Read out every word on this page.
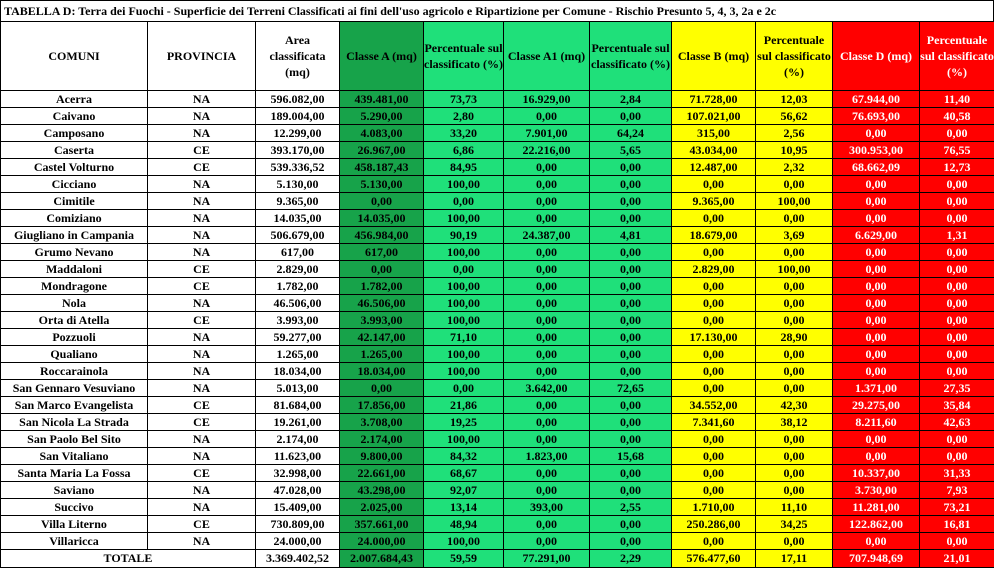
TABELLA D: Terra dei Fuochi - Superficie dei Terreni Classificati ai fini dell'uso agricolo e Ripartizione per Comune - Rischio Presunto 5, 4, 3, 2a e 2c
COMUNI	PROVINCIA	Area classificata (mq)	Classe A (mq)	Percentuale sul classificato (%)	Classe A1 (mq)	Percentuale sul classificato (%)	Classe B (mq)	Percentuale sul classificato (%)	Classe D (mq)	Percentuale sul classificato (%)
Acerra	NA	596.082,00	439.481,00	73,73	16.929,00	2,84	71.728,00	12,03	67.944,00	11,40
Caivano	NA	189.004,00	5.290,00	2,80	0,00	0,00	107.021,00	56,62	76.693,00	40,58
Camposano	NA	12.299,00	4.083,00	33,20	7.901,00	64,24	315,00	2,56	0,00	0,00
Caserta	CE	393.170,00	26.967,00	6,86	22.216,00	5,65	43.034,00	10,95	300.953,00	76,55
Castel Volturno	CE	539.336,52	458.187,43	84,95	0,00	0,00	12.487,00	2,32	68.662,09	12,73
Cicciano	NA	5.130,00	5.130,00	100,00	0,00	0,00	0,00	0,00	0,00	0,00
Cimitile	NA	9.365,00	0,00	0,00	0,00	0,00	9.365,00	100,00	0,00	0,00
Comiziano	NA	14.035,00	14.035,00	100,00	0,00	0,00	0,00	0,00	0,00	0,00
Giugliano in Campania	NA	506.679,00	456.984,00	90,19	24.387,00	4,81	18.679,00	3,69	6.629,00	1,31
Grumo Nevano	NA	617,00	617,00	100,00	0,00	0,00	0,00	0,00	0,00	0,00
Maddaloni	CE	2.829,00	0,00	0,00	0,00	0,00	2.829,00	100,00	0,00	0,00
Mondragone	CE	1.782,00	1.782,00	100,00	0,00	0,00	0,00	0,00	0,00	0,00
Nola	NA	46.506,00	46.506,00	100,00	0,00	0,00	0,00	0,00	0,00	0,00
Orta di Atella	CE	3.993,00	3.993,00	100,00	0,00	0,00	0,00	0,00	0,00	0,00
Pozzuoli	NA	59.277,00	42.147,00	71,10	0,00	0,00	17.130,00	28,90	0,00	0,00
Qualiano	NA	1.265,00	1.265,00	100,00	0,00	0,00	0,00	0,00	0,00	0,00
Roccarainola	NA	18.034,00	18.034,00	100,00	0,00	0,00	0,00	0,00	0,00	0,00
San Gennaro Vesuviano	NA	5.013,00	0,00	0,00	3.642,00	72,65	0,00	0,00	1.371,00	27,35
San Marco Evangelista	CE	81.684,00	17.856,00	21,86	0,00	0,00	34.552,00	42,30	29.275,00	35,84
San Nicola La Strada	CE	19.261,00	3.708,00	19,25	0,00	0,00	7.341,60	38,12	8.211,60	42,63
San Paolo Bel Sito	NA	2.174,00	2.174,00	100,00	0,00	0,00	0,00	0,00	0,00	0,00
San Vitaliano	NA	11.623,00	9.800,00	84,32	1.823,00	15,68	0,00	0,00	0,00	0,00
Santa Maria La Fossa	CE	32.998,00	22.661,00	68,67	0,00	0,00	0,00	0,00	10.337,00	31,33
Saviano	NA	47.028,00	43.298,00	92,07	0,00	0,00	0,00	0,00	3.730,00	7,93
Succivo	NA	15.409,00	2.025,00	13,14	393,00	2,55	1.710,00	11,10	11.281,00	73,21
Villa Literno	CE	730.809,00	357.661,00	48,94	0,00	0,00	250.286,00	34,25	122.862,00	16,81
Villaricca	NA	24.000,00	24.000,00	100,00	0,00	0,00	0,00	0,00	0,00	0,00
TOTALE		3.369.402,52	2.007.684,43	59,59	77.291,00	2,29	576.477,60	17,11	707.948,69	21,01
